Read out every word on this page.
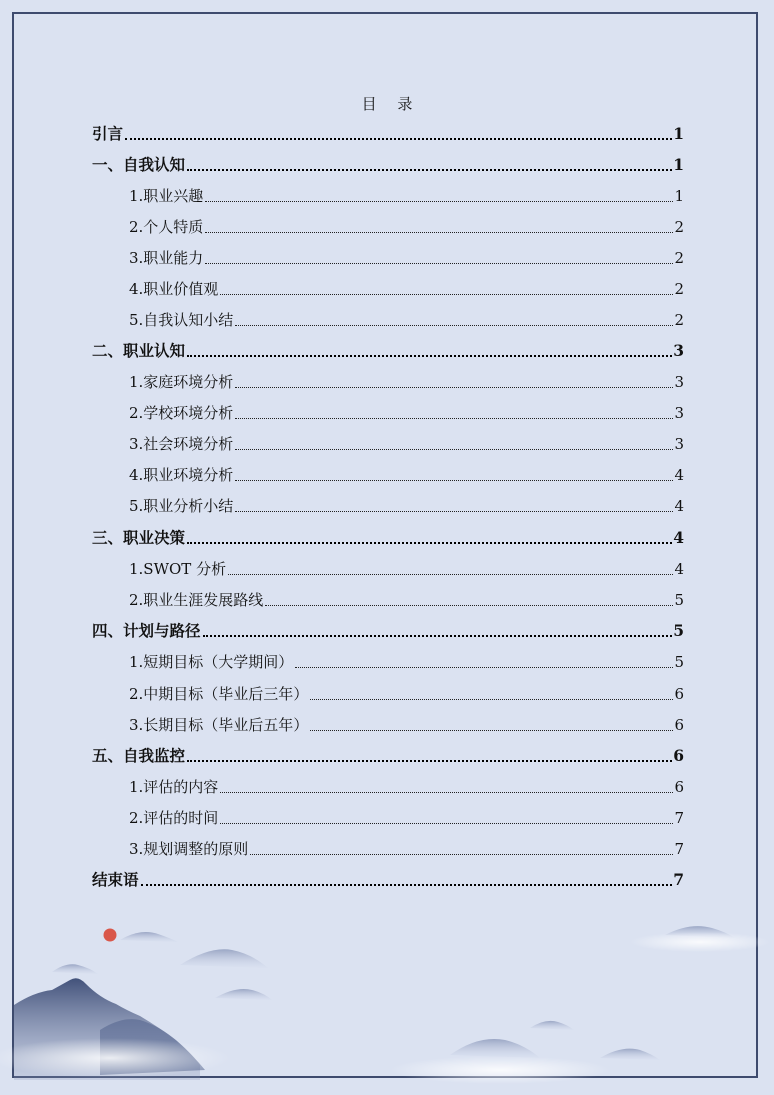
目 录
引言	1
一、自我认知	1
1.职业兴趣	1
2.个人特质	2
3.职业能力	2
4.职业价值观	2
5.自我认知小结	2
二、职业认知	3
1.家庭环境分析	3
2.学校环境分析	3
3.社会环境分析	3
4.职业环境分析	4
5.职业分析小结	4
三、职业决策	4
1.SWOT 分析	4
2.职业生涯发展路线	5
四、计划与路径	5
1.短期目标（大学期间）	5
2.中期目标（毕业后三年）	6
3.长期目标（毕业后五年）	6
五、自我监控	6
1.评估的内容	6
2.评估的时间	7
3.规划调整的原则	7
结束语	7
